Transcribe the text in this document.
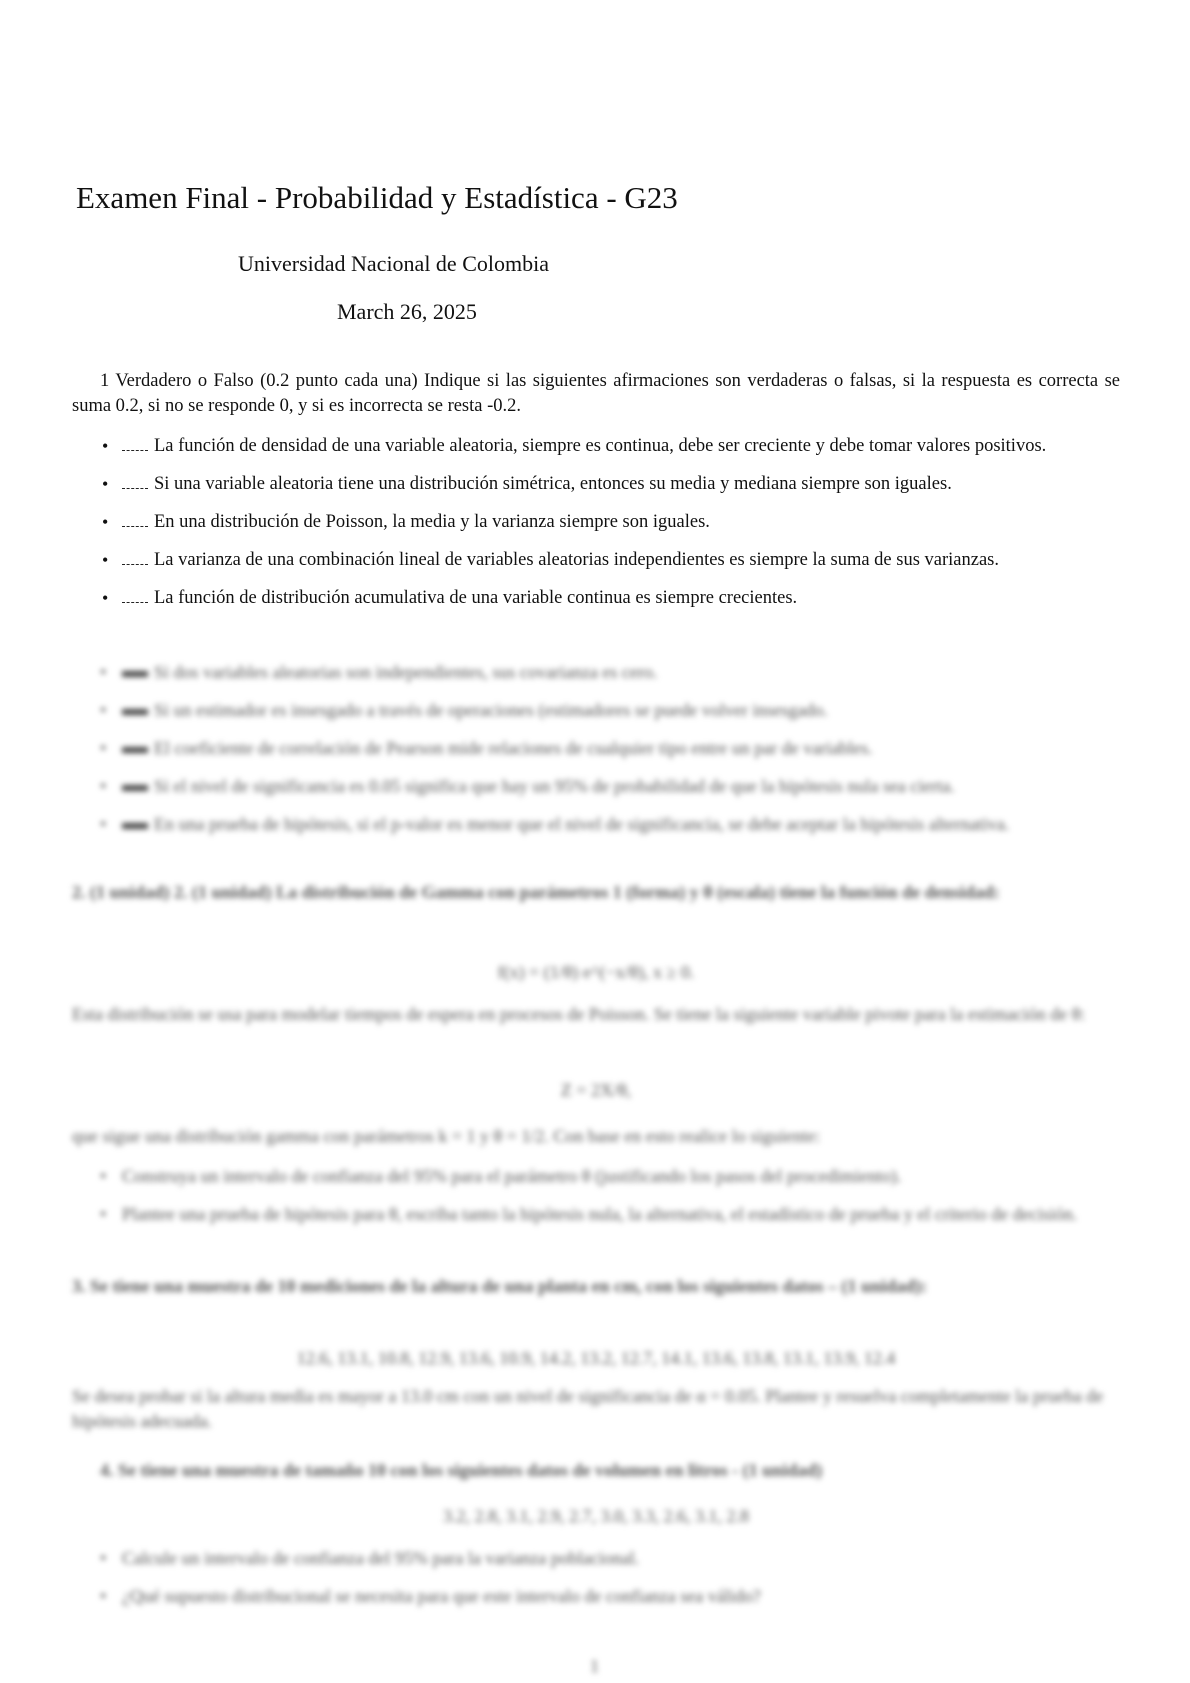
Examen Final - Probabilidad y Estadística - G23
Universidad Nacional de Colombia
March 26, 2025
1 Verdadero o Falso (0.2 punto cada una) Indique si las siguientes afirmaciones son verdaderas o falsas, si la respuesta es correcta se suma 0.2, si no se responde 0, y si es incorrecta se resta -0.2.
• La función de densidad de una variable aleatoria, siempre es continua, debe ser creciente y debe tomar valores positivos.
• Si una variable aleatoria tiene una distribución simétrica, entonces su media y mediana siempre son iguales.
• En una distribución de Poisson, la media y la varianza siempre son iguales.
• La varianza de una combinación lineal de variables aleatorias independientes es siempre la suma de sus varianzas.
• La función de distribución acumulativa de una variable continua es siempre crecientes.
•	Si dos variables aleatorias son independientes, sus covarianza es cero.
•	Si un estimador es insesgado a través de operaciones (estimadores se puede volver insesgado.
•	El coeficiente de correlación de Pearson mide relaciones de cualquier tipo entre un par de variables.
•	Si el nivel de significancia es 0.05 significa que hay un 95% de probabilidad de que la hipótesis nula sea cierta.
•	En una prueba de hipótesis, si el p-valor es menor que el nivel de significancia, se debe aceptar la hipótesis alternativa.
2. (1 unidad) 2. (1 unidad) La distribución de Gamma con parámetros 1 (forma) y θ (escala) tiene la función de densidad:
f(x) = (1/θ) e^(−x/θ), x ≥ 0.
Esta distribución se usa para modelar tiempos de espera en procesos de Poisson. Se tiene la siguiente variable pivote para la estimación de θ:
Z = 2X/θ,
que sigue una distribución gamma con parámetros k = 1 y θ = 1/2. Con base en esto realice lo siguiente:
• Construya un intervalo de confianza del 95% para el parámetro θ (justificando los pasos del procedimiento).
• Plantee una prueba de hipótesis para θ, escriba tanto la hipótesis nula, la alternativa, el estadístico de prueba y el criterio de decisión.
3. Se tiene una muestra de 10 mediciones de la altura de una planta en cm, con los siguientes datos – (1 unidad):
12.6, 13.1, 10.8, 12.9, 13.6, 10.9, 14.2, 13.2, 12.7, 14.1, 13.6, 13.8, 13.1, 13.9, 12.4
Se desea probar si la altura media es mayor a 13.0 cm con un nivel de significancia de α = 0.05. Plantee y resuelva completamente la prueba de hipótesis adecuada.
4. Se tiene una muestra de tamaño 10 con los siguientes datos de volumen en litros - (1 unidad)
3.2, 2.8, 3.1, 2.9, 2.7, 3.0, 3.3, 2.6, 3.1, 2.8
• Calcule un intervalo de confianza del 95% para la varianza poblacional.
• ¿Qué supuesto distribucional se necesita para que este intervalo de confianza sea válido?
1
